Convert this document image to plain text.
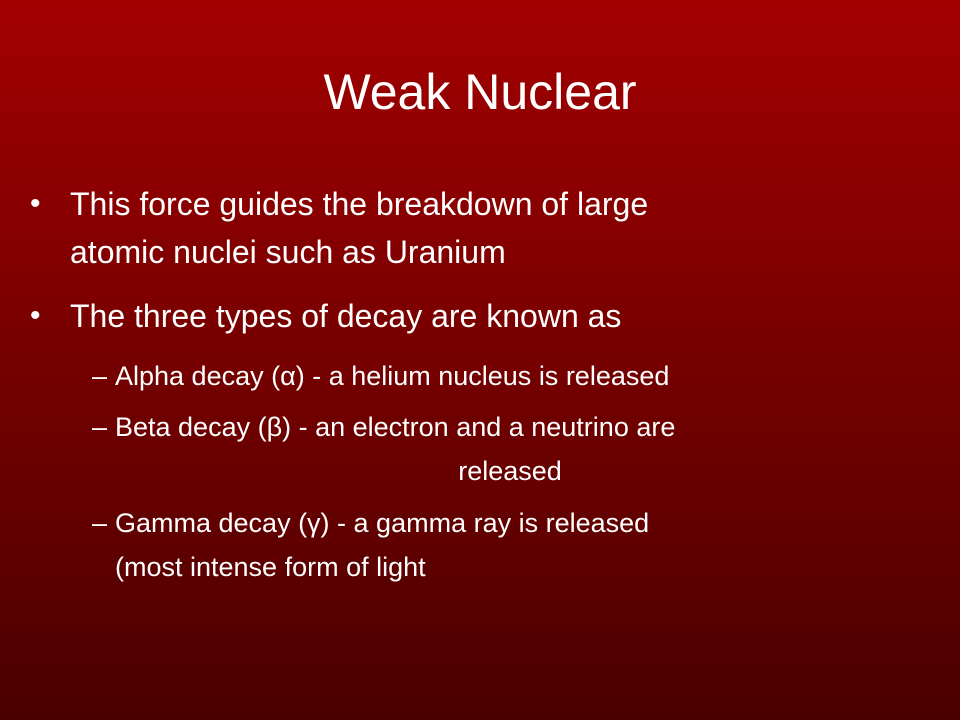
Weak Nuclear
• This force guides the breakdown of large
atomic nuclei such as Uranium
• The three types of decay are known as
– Alpha decay (α) - a helium nucleus is released
– Beta decay (β) - an electron and a neutrino are
released
– Gamma decay (γ) - a gamma ray is released
(most intense form of light
